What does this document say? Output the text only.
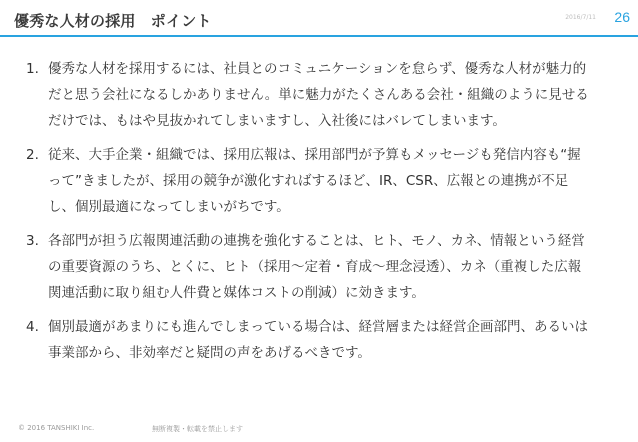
優秀な人材の採用　ポイント	2016/7/11 26
1. 優秀な人材を採用するには、社員とのコミュニケーションを怠らず、優秀な人材が魅力的だと思う会社になるしかありません。単に魅力がたくさんある会社・組織のように見せるだけでは、もはや見抜かれてしまいますし、入社後にはバレてしまいます。
2. 従来、大手企業・組織では、採用広報は、採用部門が予算もメッセージも発信内容も“握って”きましたが、採用の競争が激化すればするほど、IR、CSR、広報との連携が不足し、個別最適になってしまいがちです。
3. 各部門が担う広報関連活動の連携を強化することは、ヒト、モノ、カネ、情報という経営の重要資源のうち、とくに、ヒト（採用〜定着・育成〜理念浸透）、カネ（重複した広報関連活動に取り組む人件費と媒体コストの削減）に効きます。
4. 個別最適があまりにも進んでしまっている場合は、経営層または経営企画部門、あるいは事業部から、非効率だと疑問の声をあげるべきです。
© 2016 TANSHIKI Inc.	無断複製・転載を禁止します
